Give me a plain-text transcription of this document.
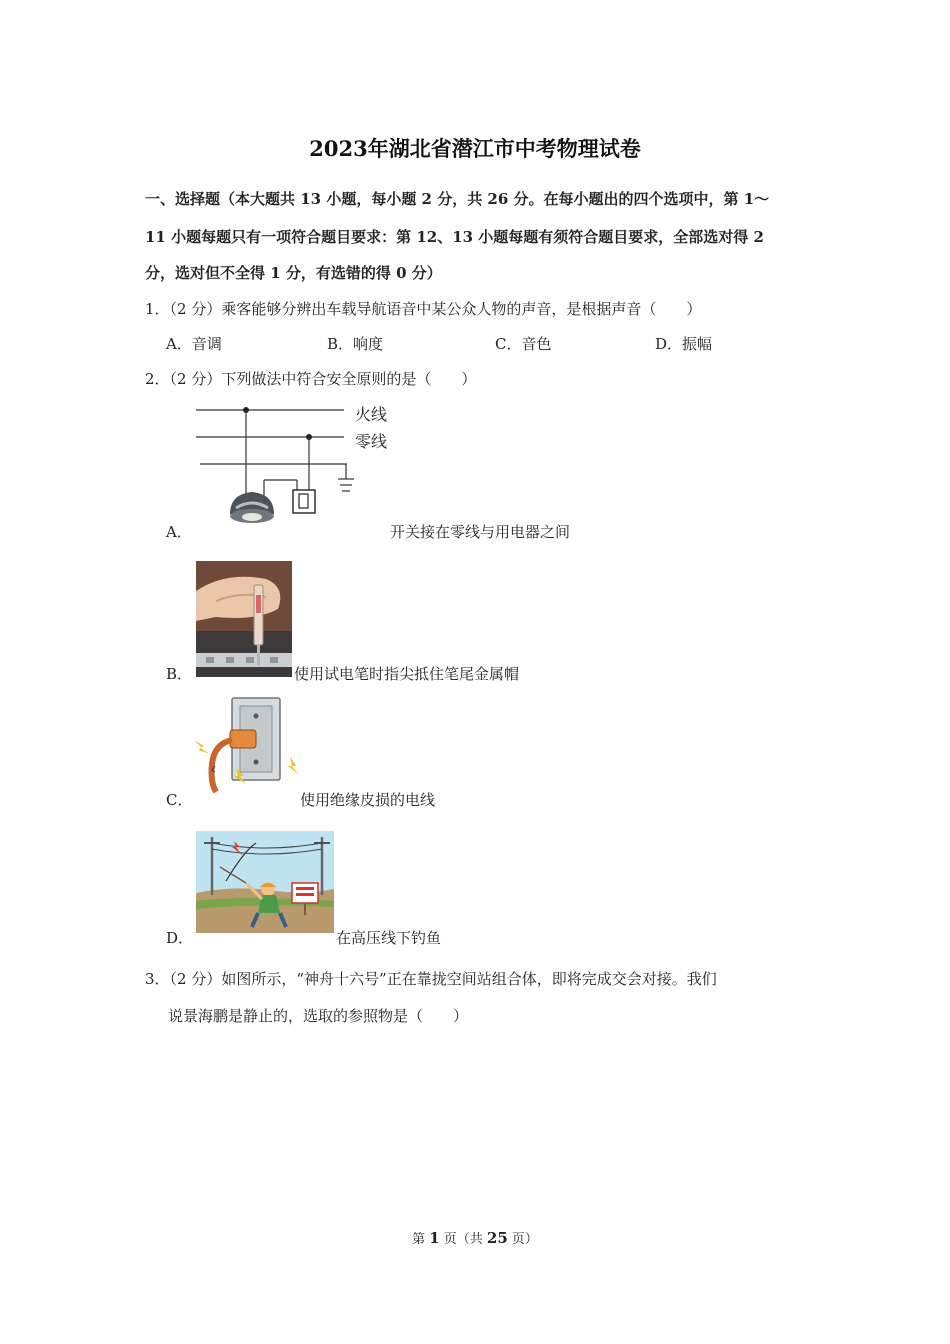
2023年湖北省潜江市中考物理试卷
一、选择题（本大题共 13 小题，每小题 2 分，共 26 分。在每小题出的四个选项中，第 1～
11 小题每题只有一项符合题目要求：第 12、13 小题每题有须符合题目要求，全部选对得 2
分，选对但不全得 1 分，有选错的得 0 分）
1．（2 分）乘客能够分辨出车载导航语音中某公众人物的声音，是根据声音（　　）
A．音调	B．响度	C．音色	D．振幅
2．（2 分）下列做法中符合安全原则的是（　　）
火线
零线
A．	开关接在零线与用电器之间
B．	使用试电笔时指尖抵住笔尾金属帽
C．	使用绝缘皮损的电线
D．	在高压线下钓鱼
3．（2 分）如图所示，“神舟十六号”正在靠拢空间站组合体，即将完成交会对接。我们
说景海鹏是静止的，选取的参照物是（　　）
第 1 页（共 25 页）
